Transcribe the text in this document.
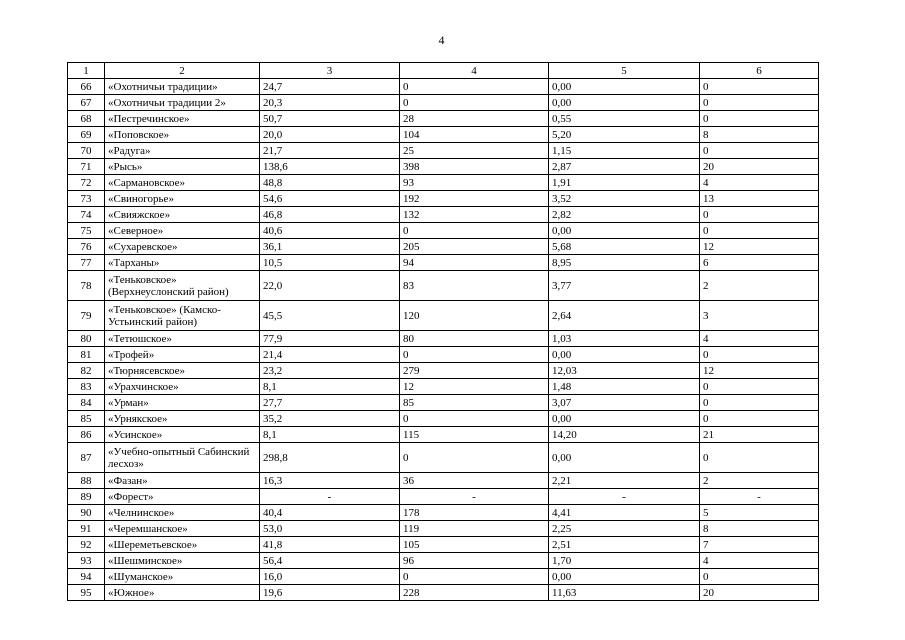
4
1	2	3	4	5	6
66	«Охотничьи традиции»	24,7	0	0,00	0
67	«Охотничьи традиции 2»	20,3	0	0,00	0
68	«Пестречинское»	50,7	28	0,55	0
69	«Поповское»	20,0	104	5,20	8
70	«Радуга»	21,7	25	1,15	0
71	«Рысь»	138,6	398	2,87	20
72	«Сармановское»	48,8	93	1,91	4
73	«Свиногорье»	54,6	192	3,52	13
74	«Свияжское»	46,8	132	2,82	0
75	«Северное»	40,6	0	0,00	0
76	«Сухаревское»	36,1	205	5,68	12
77	«Тарханы»	10,5	94	8,95	6
78	«Теньковское» (Верхнеуслонский район)	22,0	83	3,77	2
79	«Теньковское» (Камско-Устьинский район)	45,5	120	2,64	3
80	«Тетюшское»	77,9	80	1,03	4
81	«Трофей»	21,4	0	0,00	0
82	«Тюрнясевское»	23,2	279	12,03	12
83	«Урахчинское»	8,1	12	1,48	0
84	«Урман»	27,7	85	3,07	0
85	«Урнякское»	35,2	0	0,00	0
86	«Усинское»	8,1	115	14,20	21
87	«Учебно-опытный Сабинский лесхоз»	298,8	0	0,00	0
88	«Фазан»	16,3	36	2,21	2
89	«Форест»	-	-	-	-
90	«Челнинское»	40,4	178	4,41	5
91	«Черемшанское»	53,0	119	2,25	8
92	«Шереметьевское»	41,8	105	2,51	7
93	«Шешминское»	56,4	96	1,70	4
94	«Шуманское»	16,0	0	0,00	0
95	«Южное»	19,6	228	11,63	20
